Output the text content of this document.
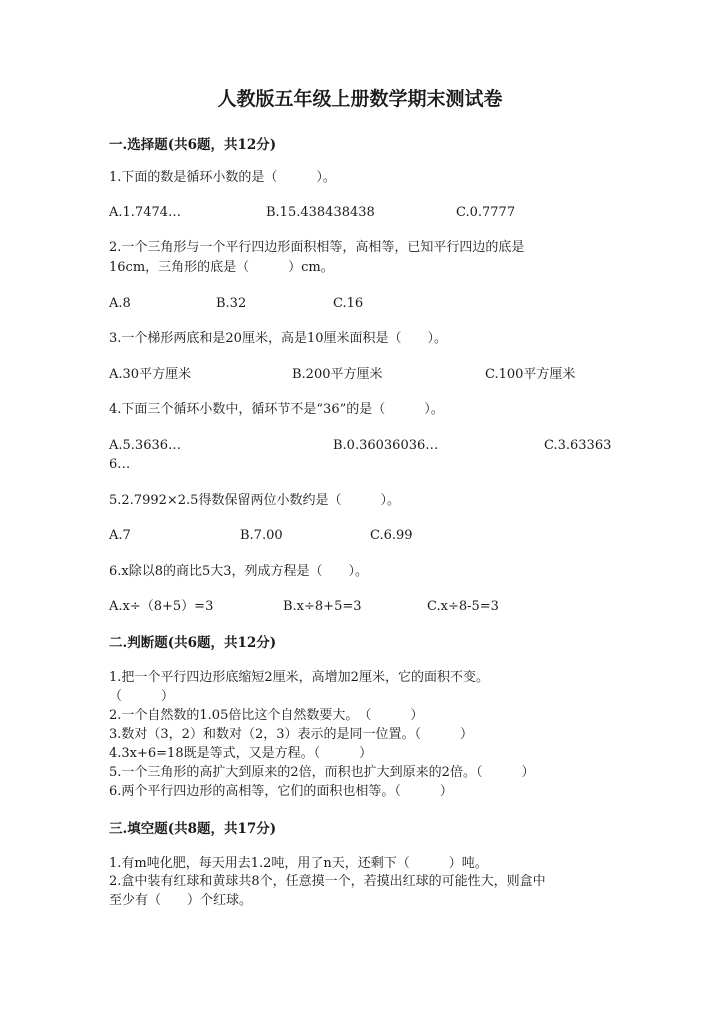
人教版五年级上册数学期末测试卷
一.选择题(共6题，共12分)
1.下面的数是循环小数的是（　　　）。
A.1.7474…	B.15.438438438	C.0.7777
2.一个三角形与一个平行四边形面积相等，高相等，已知平行四边的底是
16cm，三角形的底是（　　　）cm。
A.8	B.32	C.16
3.一个梯形两底和是20厘米，高是10厘米面积是（　　）。
A.30平方厘米	B.200平方厘米	C.100平方厘米
4.下面三个循环小数中，循环节不是“36”的是（　　　）。
A.5.3636…	B.0.36036036…	C.3.63363
6…
5.2.7992×2.5得数保留两位小数约是（　　　）。
A.7	B.7.00	C.6.99
6.x除以8的商比5大3，列成方程是（　　）。
A.x÷（8+5）=3	B.x÷8+5=3	C.x÷8-5=3
二.判断题(共6题，共12分)
1.把一个平行四边形底缩短2厘米，高增加2厘米，它的面积不变。
（　　　）
2.一个自然数的1.05倍比这个自然数要大。　（　　　）
3.数对（3，2）和数对（2，3）表示的是同一位置。（　　　）
4.3x+6=18既是等式，又是方程。（　　　）
5.一个三角形的高扩大到原来的2倍，而积也扩大到原来的2倍。（　　　）
6.两个平行四边形的高相等，它们的面积也相等。（　　　）
三.填空题(共8题，共17分)
1.有m吨化肥，每天用去1.2吨，用了n天，还剩下（　　　）吨。
2.盒中装有红球和黄球共8个，任意摸一个，若摸出红球的可能性大，则盒中
至少有（　　）个红球。
